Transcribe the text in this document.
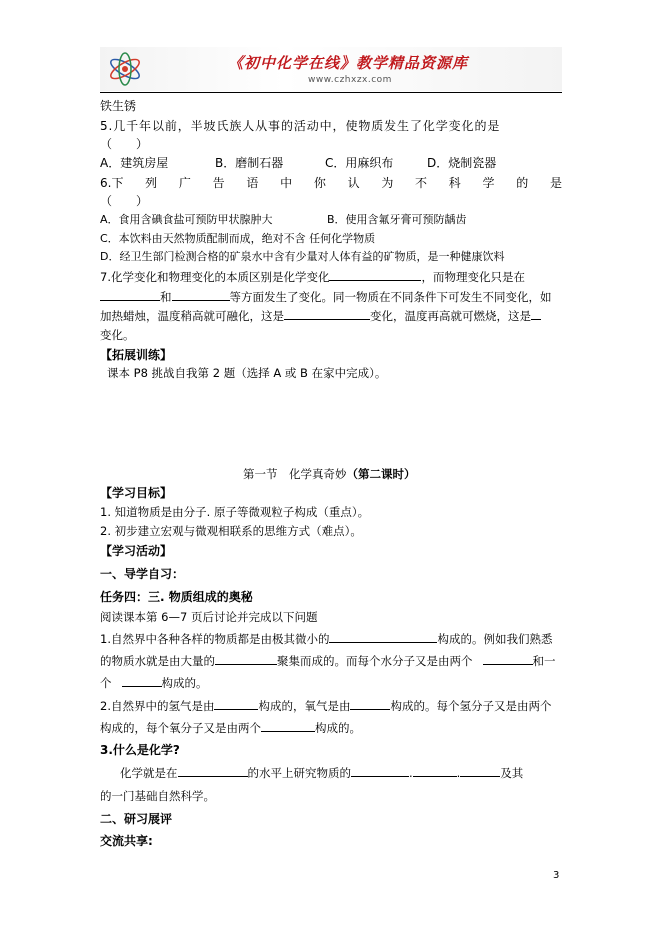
《初中化学在线》教学精品资源库
www.czhxzx.com
铁生锈
5.几千年以前，半坡氏族人从事的活动中，使物质发生了化学变化的是
（　　）
A．建筑房屋	B．磨制石器	C．用麻织布	D．烧制瓷器
6.下 列 广 告 语 中 你 认 为 不 科 学 的 是
（　　）
A．食用含碘食盐可预防甲状腺肿大	B．使用含氟牙膏可预防龋齿
C．本饮料由天然物质配制而成，绝对不含 任何化学物质
D．经卫生部门检测合格的矿泉水中含有少量对人体有益的矿物质，是一种健康饮料
7.化学变化和物理变化的本质区别是化学变化	，而物理变化只是在
和	等方面发生了变化。同一物质在不同条件下可发生不同变化，如
加热蜡烛，温度稍高就可融化，这是	变化，温度再高就可燃烧，这是
变化。
【拓展训练】
课本 P8 挑战自我第 2 题（选择 A 或 B 在家中完成）。
第一节　化学真奇妙（第二课时）
【学习目标】
1. 知道物质是由分子. 原子等微观粒子构成（重点）。
2. 初步建立宏观与微观相联系的思维方式（难点）。
【学习活动】
一、导学自习：
任务四：三. 物质组成的奥秘
阅读课本第 6—7 页后讨论并完成以下问题
1.自然界中各种各样的物质都是由极其微小的	构成的。例如我们熟悉
的物质水就是由大量的	聚集而成的。而每个水分子又是由两个	和一
个	构成的。
2.自然界中的氢气是由	构成的，氧气是由	构成的。每个氢分子又是由两个
构成的，每个氧分子又是由两个	构成的。
3.什么是化学?
化学就是在	的水平上研究物质的	.	.	及其
的一门基础自然科学。
二、研习展评
交流共享:
3
